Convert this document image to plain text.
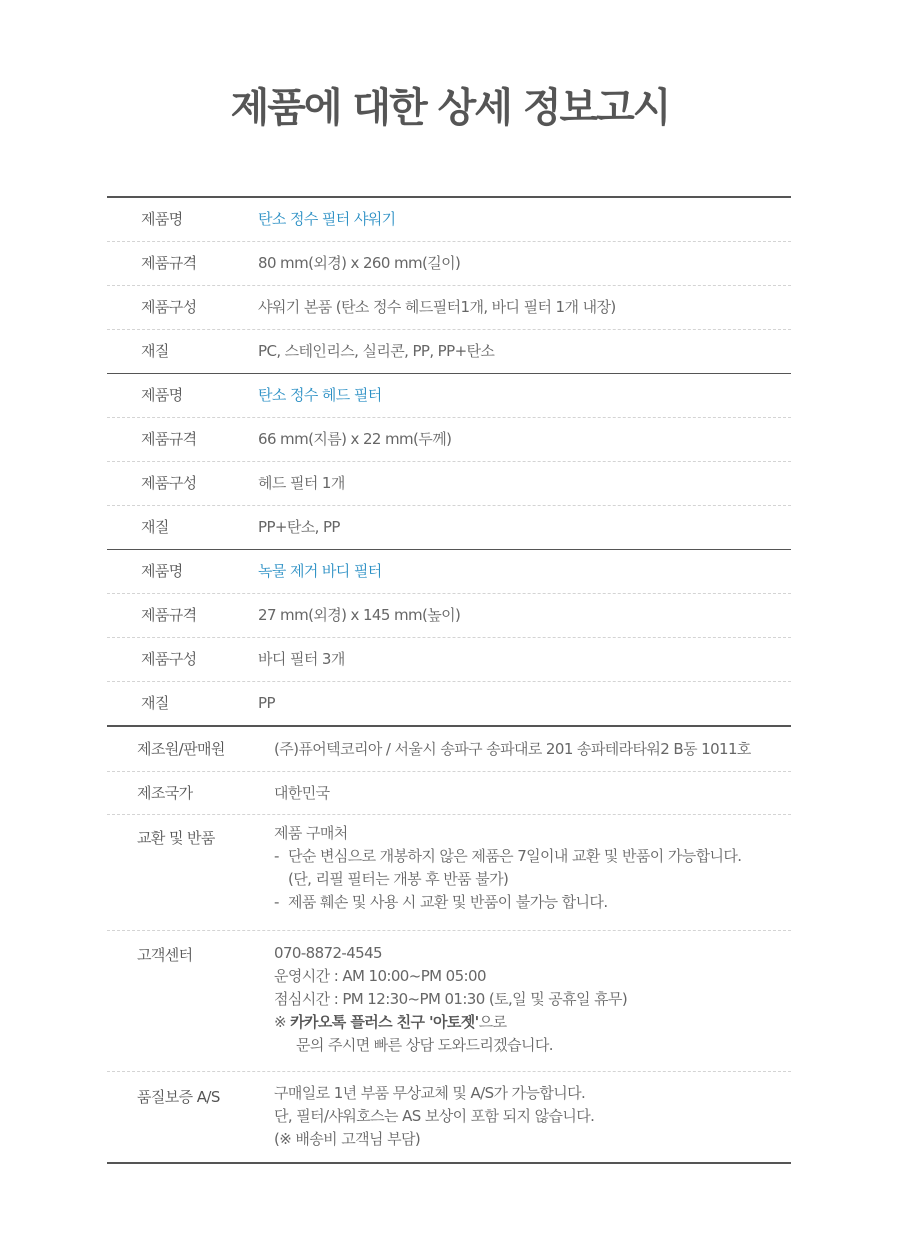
제품에 대한 상세 정보고시
제품명	탄소 정수 필터 샤워기
제품규격	80 mm(외경) x 260 mm(길이)
제품구성	샤워기 본품 (탄소 정수 헤드필터1개, 바디 필터 1개 내장)
재질	PC, 스테인리스, 실리콘, PP, PP+탄소
제품명	탄소 정수 헤드 필터
제품규격	66 mm(지름) x 22 mm(두께)
제품구성	헤드 필터 1개
재질	PP+탄소, PP
제품명	녹물 제거 바디 필터
제품규격	27 mm(외경) x 145 mm(높이)
제품구성	바디 필터 3개
재질	PP
제조원/판매원	(주)퓨어텍코리아 / 서울시 송파구 송파대로 201 송파테라타워2 B동 1011호
제조국가	대한민국
교환 및 반품	제품 구매처
- 단순 변심으로 개봉하지 않은 제품은 7일이내 교환 및 반품이 가능합니다.
(단, 리필 필터는 개봉 후 반품 불가)
- 제품 훼손 및 사용 시 교환 및 반품이 불가능 합니다.
고객센터	070-8872-4545
운영시간 : AM 10:00~PM 05:00
점심시간 : PM 12:30~PM 01:30 (토,일 및 공휴일 휴무)
※ 카카오톡 플러스 친구 '아토젯'으로
문의 주시면 빠른 상담 도와드리겠습니다.
품질보증 A/S	구매일로 1년 부품 무상교체 및 A/S가 가능합니다.
단, 필터/샤워호스는 AS 보상이 포함 되지 않습니다.
(※ 배송비 고객님 부담)
